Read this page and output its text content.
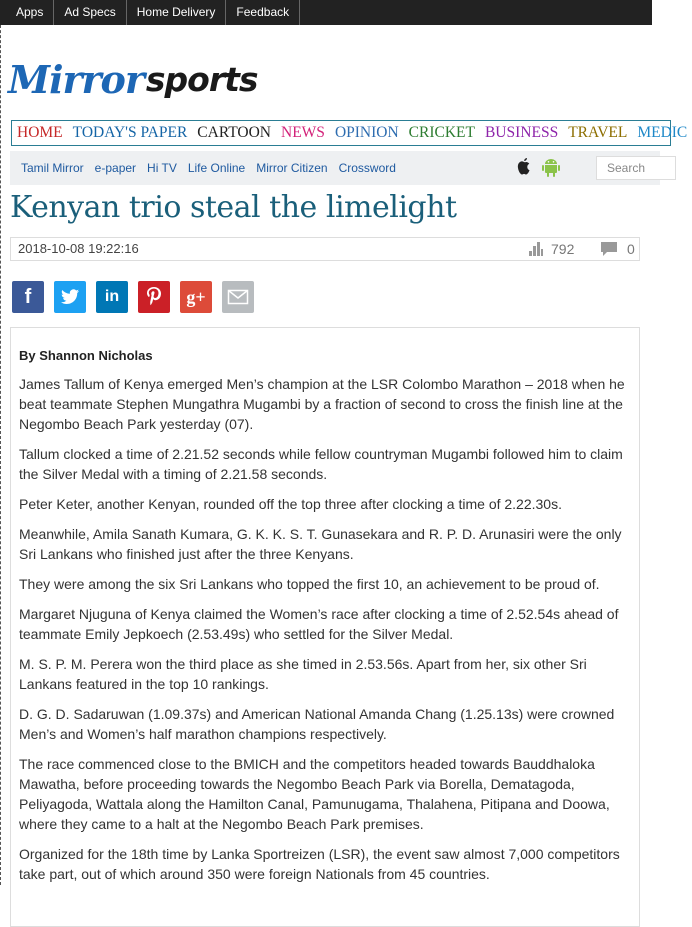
Apps	Ad Specs	Home Delivery	Feedback
Mirror sports
HOME TODAY'S PAPER CARTOON NEWS OPINION CRICKET BUSINESS TRAVEL MEDIC
Tamil Mirror e-paper Hi TV Life Online Mirror Citizen Crossword	Search
Kenyan trio steal the limelight
2018-10-08 19:22:16	792	0
f	in	g+
By Shannon Nicholas

James Tallum of Kenya emerged Men’s champion at the LSR Colombo Marathon – 2018 when he beat teammate Stephen Mungathra Mugambi by a fraction of second to cross the finish line at the Negombo Beach Park yesterday (07).

Tallum clocked a time of 2.21.52 seconds while fellow countryman Mugambi followed him to claim the Silver Medal with a timing of 2.21.58 seconds.

Peter Keter, another Kenyan, rounded off the top three after clocking a time of 2.22.30s.

Meanwhile, Amila Sanath Kumara, G. K. K. S. T. Gunasekara and R. P. D. Arunasiri were the only Sri Lankans who finished just after the three Kenyans.

They were among the six Sri Lankans who topped the first 10, an achievement to be proud of.

Margaret Njuguna of Kenya claimed the Women’s race after clocking a time of 2.52.54s ahead of teammate Emily Jepkoech (2.53.49s) who settled for the Silver Medal.

M. S. P. M. Perera won the third place as she timed in 2.53.56s. Apart from her, six other Sri Lankans featured in the top 10 rankings.

D. G. D. Sadaruwan (1.09.37s) and American National Amanda Chang (1.25.13s) were crowned Men’s and Women’s half marathon champions respectively.

The race commenced close to the BMICH and the competitors headed towards Bauddhaloka Mawatha, before proceeding towards the Negombo Beach Park via Borella, Dematagoda, Peliyagoda, Wattala along the Hamilton Canal, Pamunugama, Thalahena, Pitipana and Doowa, where they came to a halt at the Negombo Beach Park premises.

Organized for the 18th time by Lanka Sportreizen (LSR), the event saw almost 7,000 competitors take part, out of which around 350 were foreign Nationals from 45 countries.
